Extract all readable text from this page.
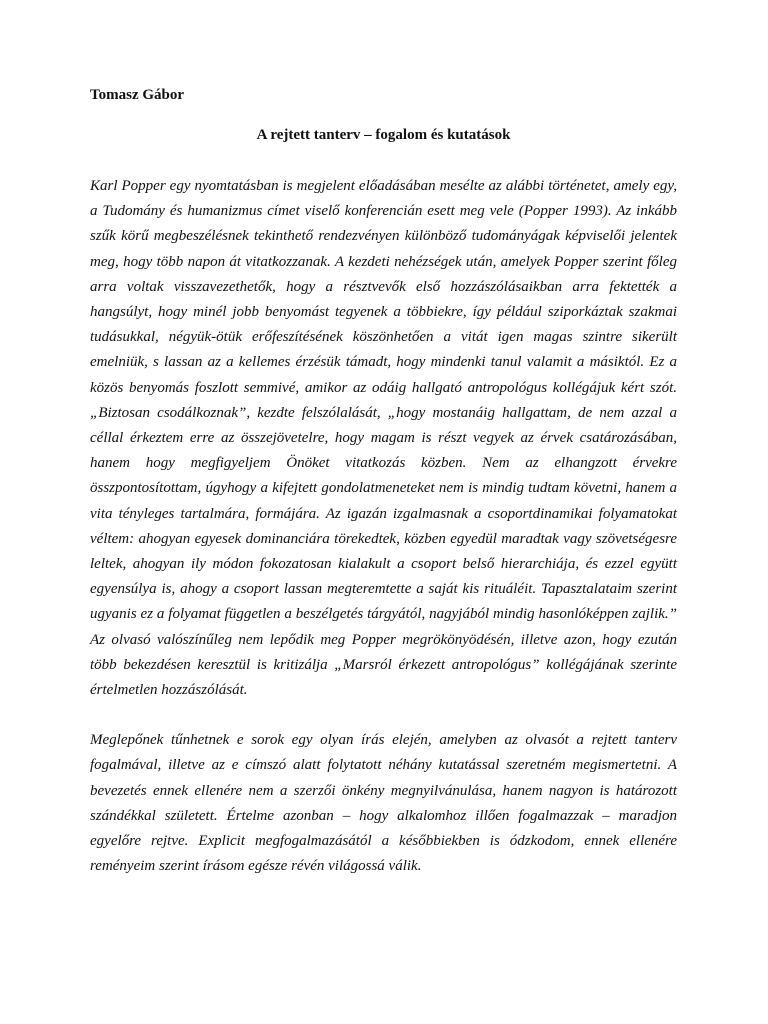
Tomasz Gábor

A rejtett tanterv – fogalom és kutatások

Karl Popper egy nyomtatásban is megjelent előadásában mesélte az alábbi történetet, amely egy, a Tudomány és humanizmus címet viselő konferencián esett meg vele (Popper 1993). Az inkább szűk körű megbeszélésnek tekinthető rendezvényen különböző tudományágak képviselői jelentek meg, hogy több napon át vitatkozzanak. A kezdeti nehézségek után, amelyek Popper szerint főleg arra voltak visszavezethetők, hogy a résztvevők első hozzászólásaikban arra fektették a hangsúlyt, hogy minél jobb benyomást tegyenek a többiekre, így például sziporkáztak szakmai tudásukkal, négyük-ötük erőfeszítésének köszönhetően a vitát igen magas szintre sikerült emelniük, s lassan az a kellemes érzésük támadt, hogy mindenki tanul valamit a másiktól. Ez a közös benyomás foszlott semmivé, amikor az odáig hallgató antropológus kollégájuk kért szót. „Biztosan csodálkoznak”, kezdte felszólalását, „hogy mostanáig hallgattam, de nem azzal a céllal érkeztem erre az összejövetelre, hogy magam is részt vegyek az érvek csatározásában, hanem hogy megfigyeljem Önöket vitatkozás közben. Nem az elhangzott érvekre összpontosítottam, úgyhogy a kifejtett gondolatmeneteket nem is mindig tudtam követni, hanem a vita tényleges tartalmára, formájára. Az igazán izgalmasnak a csoportdinamikai folyamatokat véltem: ahogyan egyesek dominanciára törekedtek, közben egyedül maradtak vagy szövetségesre leltek, ahogyan ily módon fokozatosan kialakult a csoport belső hierarchiája, és ezzel együtt egyensúlya is, ahogy a csoport lassan megteremtette a saját kis rituáléit. Tapasztalataim szerint ugyanis ez a folyamat független a beszélgetés tárgyától, nagyjából mindig hasonlóképpen zajlik.” Az olvasó valószínűleg nem lepődik meg Popper megrökönyödésén, illetve azon, hogy ezután több bekezdésen keresztül is kritizálja „Marsról érkezett antropológus” kollégájának szerinte értelmetlen hozzászólását.

Meglepőnek tűnhetnek e sorok egy olyan írás elején, amelyben az olvasót a rejtett tanterv fogalmával, illetve az e címszó alatt folytatott néhány kutatással szeretném megismertetni. A bevezetés ennek ellenére nem a szerzői önkény megnyilvánulása, hanem nagyon is határozott szándékkal született. Értelme azonban – hogy alkalomhoz illően fogalmazzak – maradjon egyelőre rejtve. Explicit megfogalmazásától a későbbiekben is ódzkodom, ennek ellenére reményeim szerint írásom egésze révén világossá válik.
